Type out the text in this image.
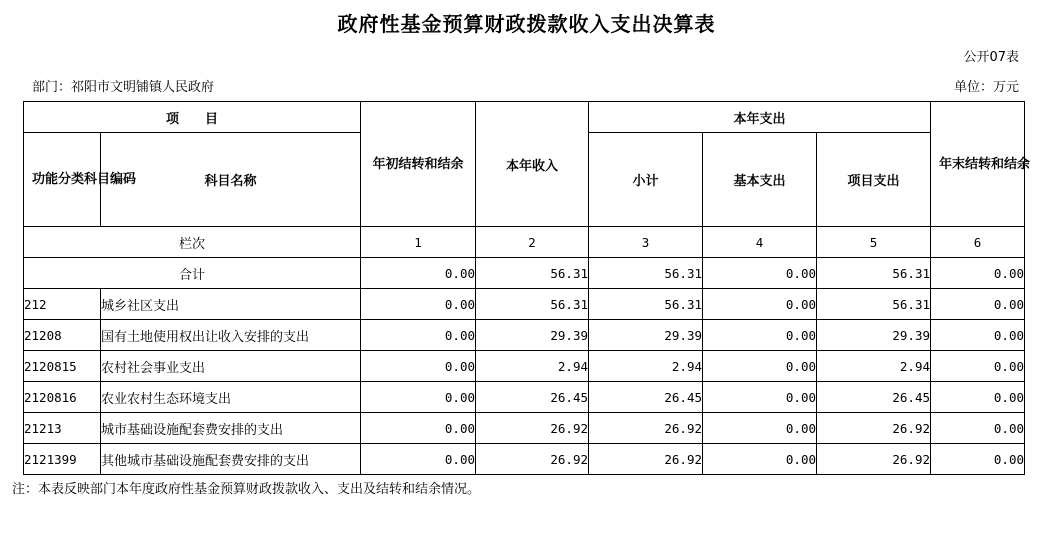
政府性基金预算财政拨款收入支出决算表
公开07表
部门：祁阳市文明铺镇人民政府	单位：万元
项　　目		年初结转和结余	本年收入	本年支出			年末结转和结余
功能分类科目编码	科目名称			小计	基本支出	项目支出	
栏次		1	2	3	4	5	6
合计		0.00	56.31	56.31	0.00	56.31	0.00
212	城乡社区支出	0.00	56.31	56.31	0.00	56.31	0.00
21208	国有土地使用权出让收入安排的支出	0.00	29.39	29.39	0.00	29.39	0.00
2120815	农村社会事业支出	0.00	2.94	2.94	0.00	2.94	0.00
2120816	农业农村生态环境支出	0.00	26.45	26.45	0.00	26.45	0.00
21213	城市基础设施配套费安排的支出	0.00	26.92	26.92	0.00	26.92	0.00
2121399	其他城市基础设施配套费安排的支出	0.00	26.92	26.92	0.00	26.92	0.00
注：本表反映部门本年度政府性基金预算财政拨款收入、支出及结转和结余情况。
